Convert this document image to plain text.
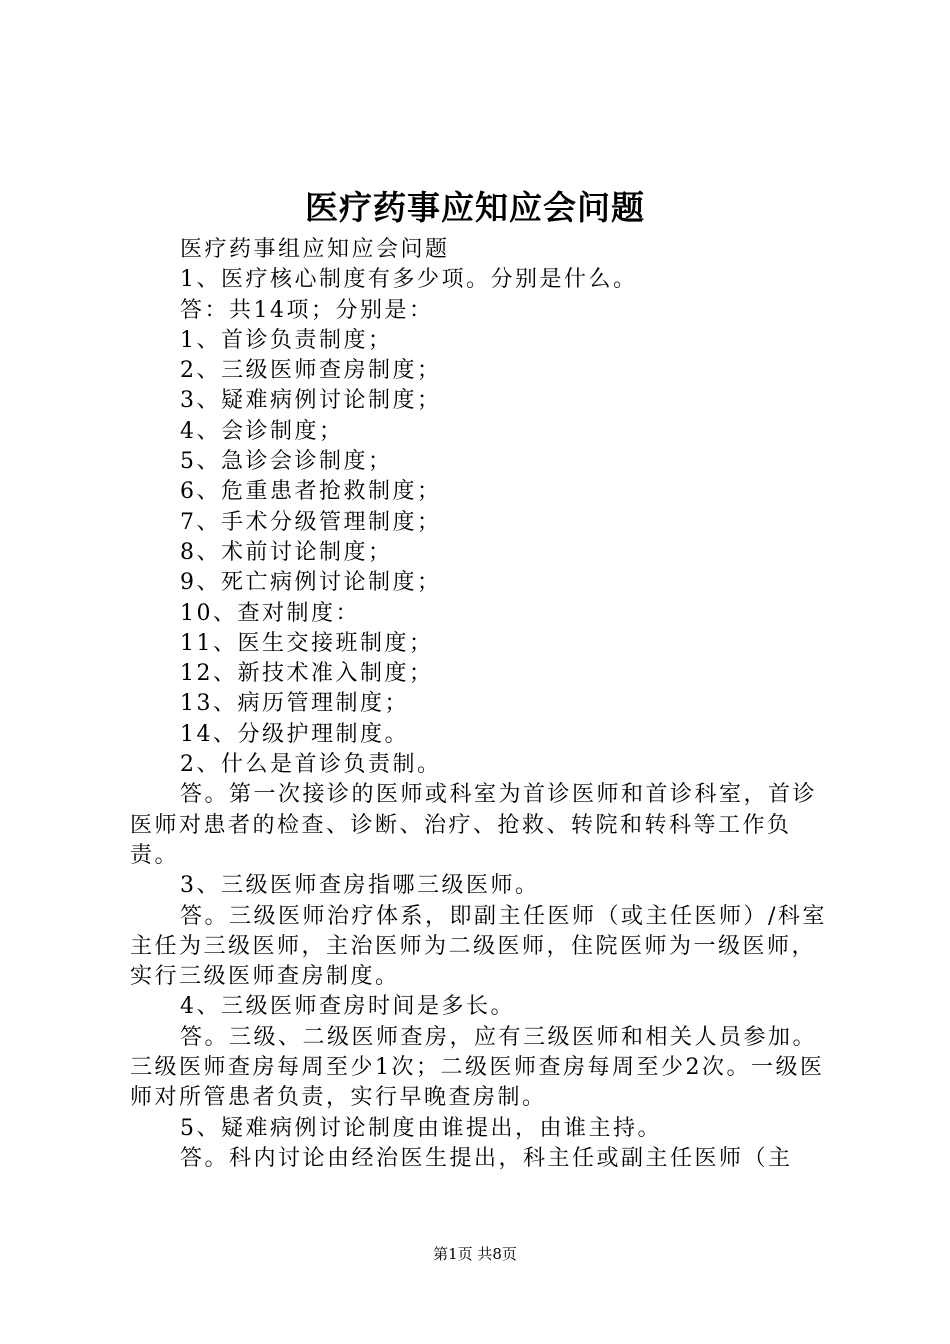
医疗药事应知应会问题

医疗药事组应知应会问题

1、医疗核心制度有多少项。分别是什么。

答：共14项；分别是：

1、首诊负责制度；

2、三级医师查房制度；

3、疑难病例讨论制度；

4、会诊制度；

5、急诊会诊制度；

6、危重患者抢救制度；

7、手术分级管理制度；

8、术前讨论制度；

9、死亡病例讨论制度；

10、查对制度：

11、医生交接班制度；

12、新技术准入制度；

13、病历管理制度；

14、分级护理制度。

2、什么是首诊负责制。

答。第一次接诊的医师或科室为首诊医师和首诊科室，首诊医师对患者的检查、诊断、治疗、抢救、转院和转科等工作负责。

3、三级医师查房指哪三级医师。

答。三级医师治疗体系，即副主任医师（或主任医师）/科室主任为三级医师，主治医师为二级医师，住院医师为一级医师，实行三级医师查房制度。

4、三级医师查房时间是多长。

答。三级、二级医师查房，应有三级医师和相关人员参加。三级医师查房每周至少1次；二级医师查房每周至少2次。一级医师对所管患者负责，实行早晚查房制。

5、疑难病例讨论制度由谁提出，由谁主持。

答。科内讨论由经治医生提出，科主任或副主任医师（主

第1页 共8页
